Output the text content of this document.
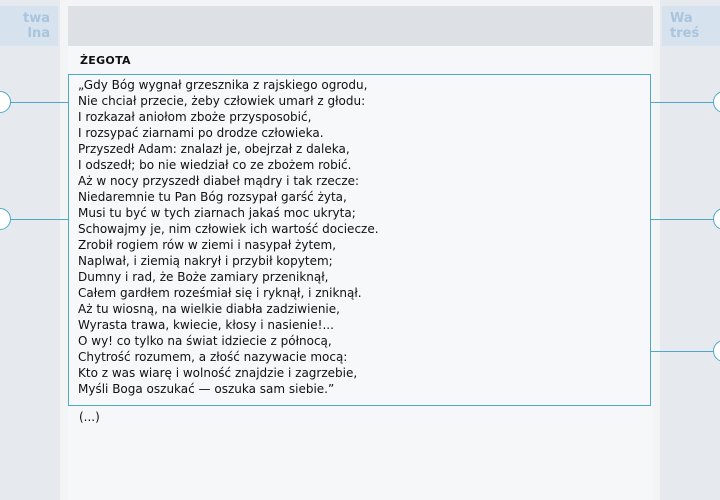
twa
lna
Wa
treś
ŻEGOTA
„Gdy Bóg wygnał grzesznika z rajskiego ogrodu,
Nie chciał przecie, żeby człowiek umarł z głodu:
I rozkazał aniołom zboże przysposobić,
I rozsypać ziarnami po drodze człowieka.
Przyszedł Adam: znalazł je, obejrzał z daleka,
I odszedł; bo nie wiedział co ze zbożem robić.
Aż w nocy przyszedł diabeł mądry i tak rzecze:
Niedaremnie tu Pan Bóg rozsypał garść żyta,
Musi tu być w tych ziarnach jakaś moc ukryta;
Schowajmy je, nim człowiek ich wartość docieczе.
Zrobił rogiem rów w ziemi i nasypał żytem,
Naplwał, i ziemią nakrył i przybił kopytem;
Dumny i rad, że Boże zamiary przeniknął,
Całem gardłem roześmiał się i ryknął, i zniknął.
Aż tu wiosną, na wielkie diabła zadziwienie,
Wyrasta trawa, kwiecie, kłosy i nasienie!...
O wy! co tylko na świat idziecie z północą,
Chytrość rozumem, a złość nazywacie mocą:
Kto z was wiarę i wolność znajdzie i zagrzebie,
Myśli Boga oszukać — oszuka sam siebie.”
(...)
